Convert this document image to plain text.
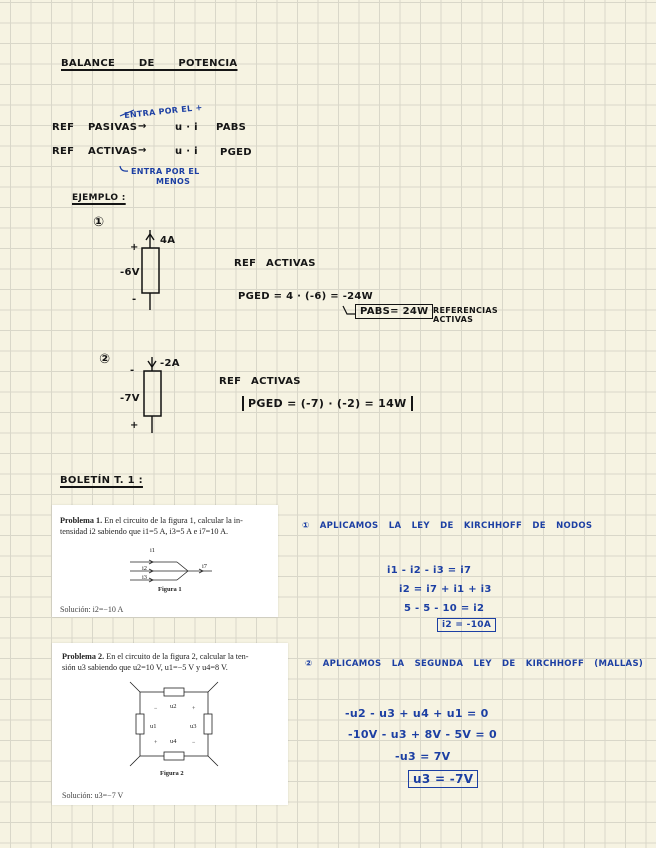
BALANCE DE POTENCIA
ENTRA POR EL +
REF PASIVAS →	u · i PABS
REF ACTIVAS →	u · i PGED
ENTRA POR EL
MENOS
EJEMPLO :
①
4A
+
-6V
-
REF ACTIVAS
PGED = 4 · (-6) = -24W
PABS= 24W REFERENCIAS
ACTIVAS
②	-2A
-
-7V
+
REF ACTIVAS
PGED = (-7) · (-2) = 14W
BOLETÍN T. 1 :
Problema 1. En el circuito de la figura 1, calcular la in-
tensidad i2 sabiendo que i1=5 A, i3=5 A e i7=10 A.
i1
i2
i3
i7
Figura 1
Solución: i2=−10 A
Problema 2. En el circuito de la figura 2, calcular la ten-
sión u3 sabiendo que u2=10 V, u1=−5 V y u4=8 V.
−	+
+	−
u2
u1	u3
u4
Figura 2
Solución: u3=−7 V
① APLICAMOS LA LEY DE KIRCHHOFF DE NODOS
i1 - i2 - i3 = i7
i2 = i7 + i1 + i3
5 - 5 - 10 = i2
i2 = -10A
② APLICAMOS LA SEGUNDA LEY DE KIRCHHOFF (MALLAS)
-u2 - u3 + u4 + u1 = 0
-10V - u3 + 8V - 5V = 0
-u3 = 7V
u3 = -7V
